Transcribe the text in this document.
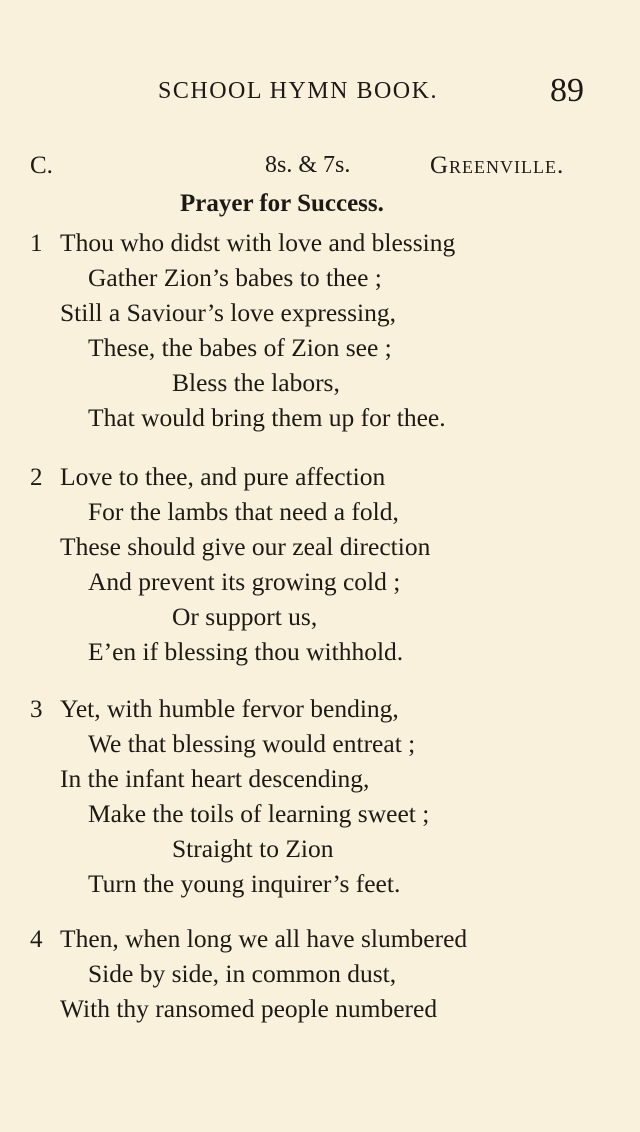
SCHOOL HYMN BOOK.	89
C.	8s. & 7s.	Greenville.
Prayer for Success.
1 Thou who didst with love and blessing
Gather Zion’s babes to thee ;
Still a Saviour’s love expressing,
These, the babes of Zion see ;
Bless the labors,
That would bring them up for thee.
2 Love to thee, and pure affection
For the lambs that need a fold,
These should give our zeal direction
And prevent its growing cold ;
Or support us,
E’en if blessing thou withhold.
3 Yet, with humble fervor bending,
We that blessing would entreat ;
In the infant heart descending,
Make the toils of learning sweet ;
Straight to Zion
Turn the young inquirer’s feet.
4 Then, when long we all have slumbered
Side by side, in common dust,
With thy ransomed people numbered
